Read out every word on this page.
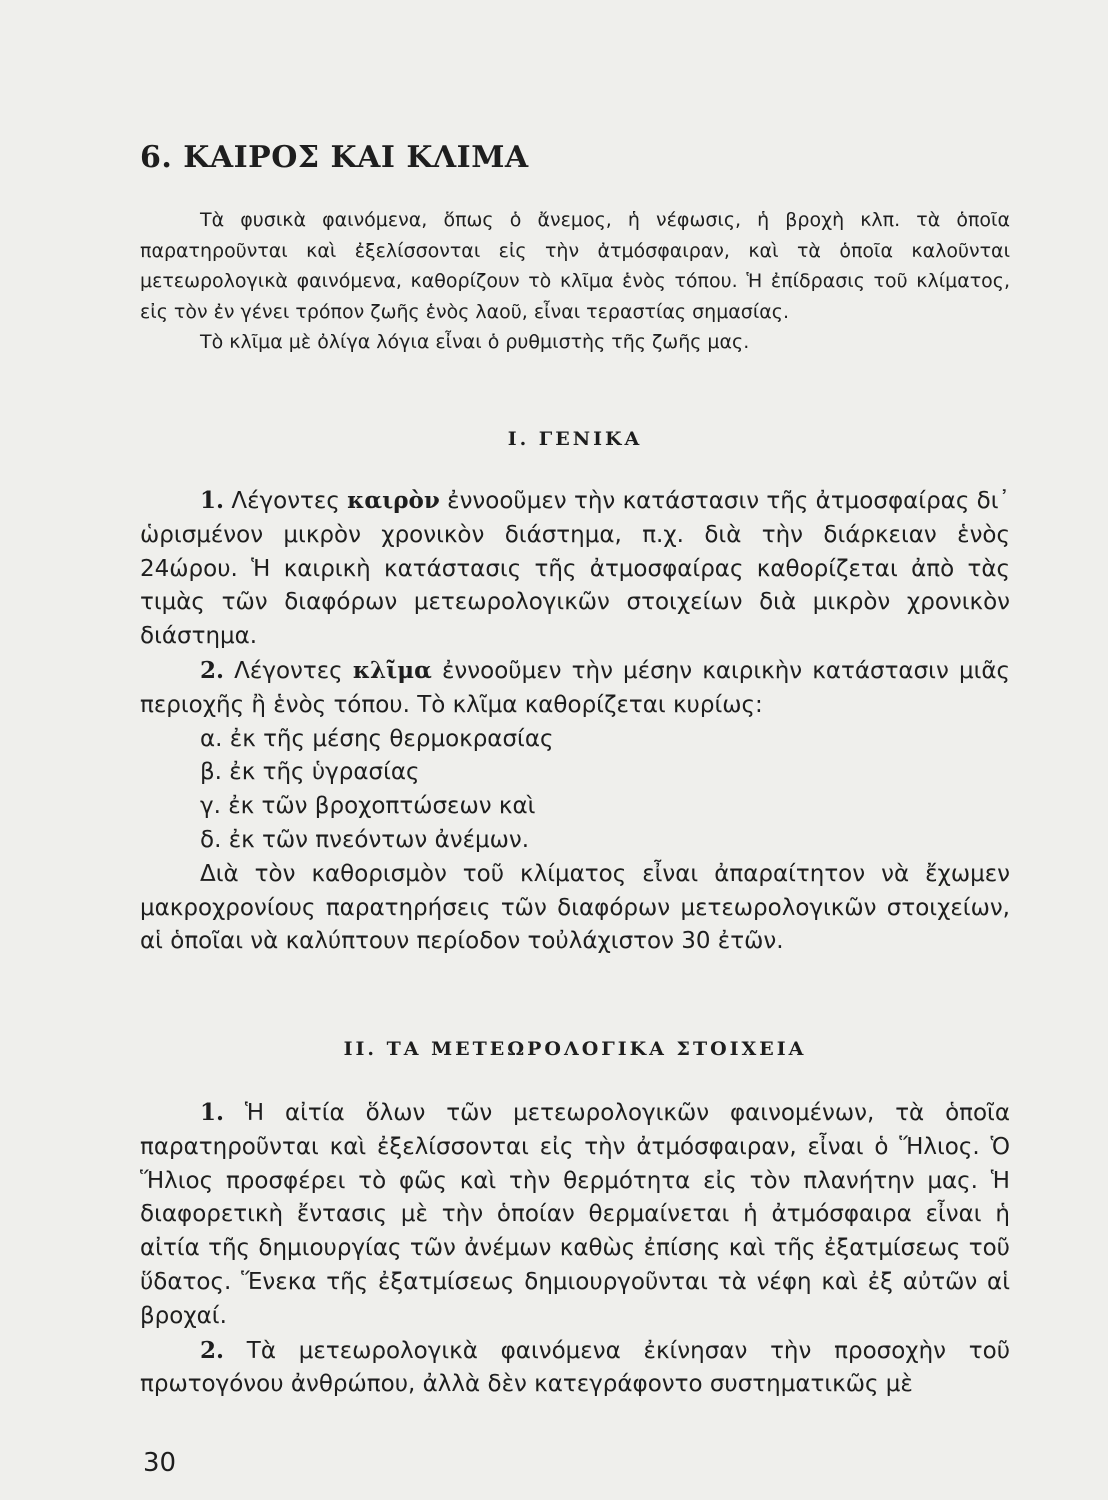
6. ΚΑΙΡΟΣ ΚΑΙ ΚΛΙΜΑ

Τὰ φυσικὰ φαινόμενα, ὅπως ὁ ἄνεμος, ἡ νέφωσις, ἡ βροχὴ κλπ. τὰ ὁποῖα παρατηροῦνται καὶ ἐξελίσσονται εἰς τὴν ἀτμόσφαιραν, καὶ τὰ ὁποῖα καλοῦνται μετεωρολογικὰ φαινόμενα, καθορίζουν τὸ κλῖμα ἑνὸς τόπου. Ἡ ἐπίδρασις τοῦ κλίματος, εἰς τὸν ἐν γένει τρόπον ζωῆς ἑνὸς λαοῦ, εἶναι τεραστίας σημασίας.

Τὸ κλῖμα μὲ ὀλίγα λόγια εἶναι ὁ ρυθμιστὴς τῆς ζωῆς μας.

I. ΓΕΝΙΚΑ

1. Λέγοντες καιρὸν ἐννοοῦμεν τὴν κατάστασιν τῆς ἀτμοσφαίρας δι᾿ ὡρισμένον μικρὸν χρονικὸν διάστημα, π.χ. διὰ τὴν διάρκειαν ἑνὸς 24ώρου. Ἡ καιρικὴ κατάστασις τῆς ἀτμοσφαίρας καθορίζεται ἀπὸ τὰς τιμὰς τῶν διαφόρων μετεωρολογικῶν στοιχείων διὰ μικρὸν χρονικὸν διάστημα.

2. Λέγοντες κλῖμα ἐννοοῦμεν τὴν μέσην καιρικὴν κατάστασιν μιᾶς περιοχῆς ἢ ἑνὸς τόπου. Τὸ κλῖμα καθορίζεται κυρίως:

α. ἐκ τῆς μέσης θερμοκρασίας
β. ἐκ τῆς ὑγρασίας
γ. ἐκ τῶν βροχοπτώσεων καὶ
δ. ἐκ τῶν πνεόντων ἀνέμων.

Διὰ τὸν καθορισμὸν τοῦ κλίματος εἶναι ἀπαραίτητον νὰ ἔχωμεν μακροχρονίους παρατηρήσεις τῶν διαφόρων μετεωρολογικῶν στοιχείων, αἱ ὁποῖαι νὰ καλύπτουν περίοδον τοὐλάχιστον 30 ἐτῶν.

II. ΤΑ ΜΕΤΕΩΡΟΛΟΓΙΚΑ ΣΤΟΙΧΕΙΑ

1. Ἡ αἰτία ὅλων τῶν μετεωρολογικῶν φαινομένων, τὰ ὁποῖα παρατηροῦνται καὶ ἐξελίσσονται εἰς τὴν ἀτμόσφαιραν, εἶναι ὁ Ἥλιος. Ὁ Ἥλιος προσφέρει τὸ φῶς καὶ τὴν θερμότητα εἰς τὸν πλανήτην μας. Ἡ διαφορετικὴ ἔντασις μὲ τὴν ὁποίαν θερμαίνεται ἡ ἀτμόσφαιρα εἶναι ἡ αἰτία τῆς δημιουργίας τῶν ἀνέμων καθὼς ἐπίσης καὶ τῆς ἐξατμίσεως τοῦ ὕδατος. Ἕνεκα τῆς ἐξατμίσεως δημιουργοῦνται τὰ νέφη καὶ ἐξ αὐτῶν αἱ βροχαί.

2. Τὰ μετεωρολογικὰ φαινόμενα ἐκίνησαν τὴν προσοχὴν τοῦ πρωτογόνου ἀνθρώπου, ἀλλὰ δὲν κατεγράφοντο συστηματικῶς μὲ

30
